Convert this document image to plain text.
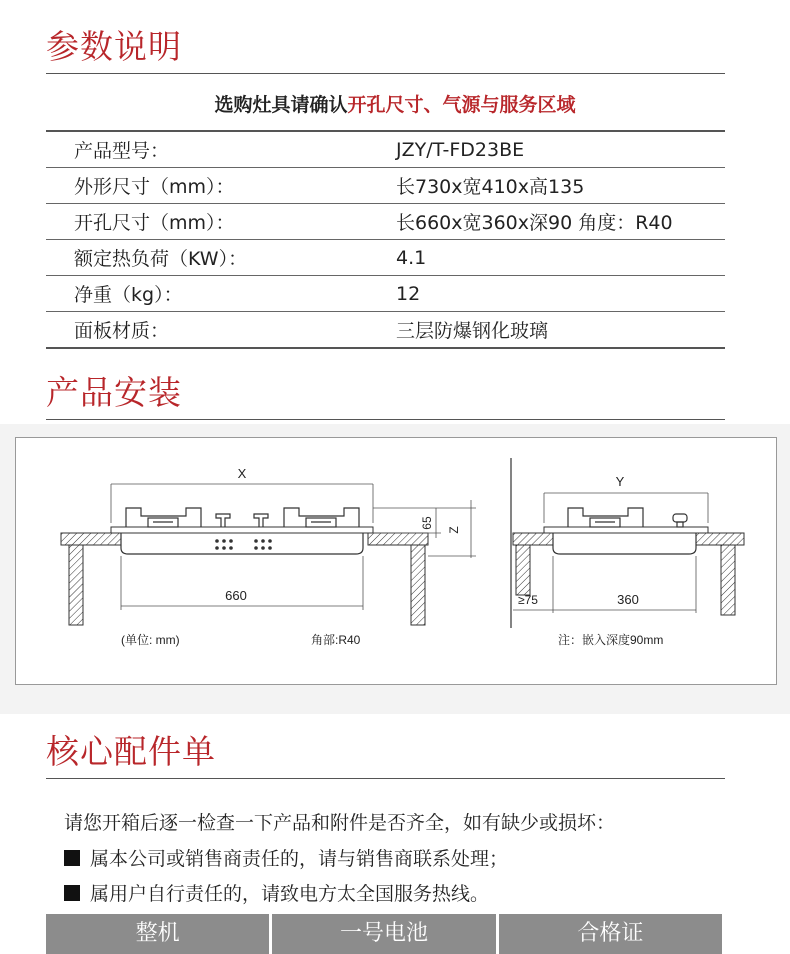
参数说明
选购灶具请确认开孔尺寸、气源与服务区域
产品型号：	JZY/T-FD23BE
外形尺寸（mm）：	长730x宽410x高135
开孔尺寸（mm）：	长660x宽360x深90 角度：R40
额定热负荷（KW）：	4.1
净重（kg）：	12
面板材质：	三层防爆钢化玻璃
产品安装
X
660
65
Z
(单位: mm)	角部:R40
Y
≥75	360
注：嵌入深度90mm
核心配件单
请您开箱后逐一检查一下产品和附件是否齐全，如有缺少或损坏：
属本公司或销售商责任的，请与销售商联系处理；
属用户自行责任的，请致电方太全国服务热线。
整机	一号电池	合格证
